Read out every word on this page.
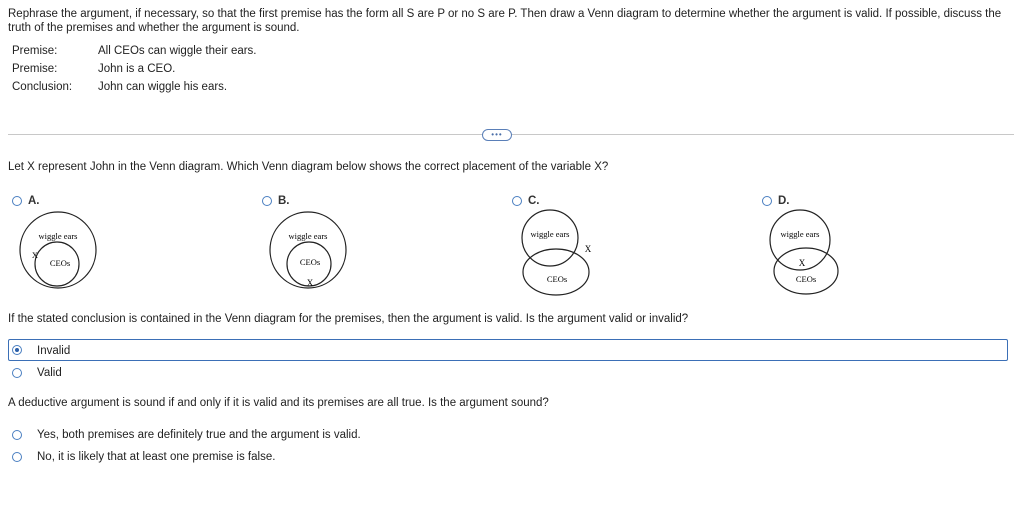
Rephrase the argument, if necessary, so that the first premise has the form all S are P or no S are P. Then draw a Venn diagram to determine whether the argument is valid. If possible, discuss the truth of the premises and whether the argument is sound.
Premise:	All CEOs can wiggle their ears.
Premise:	John is a CEO.
Conclusion: John can wiggle his ears.
•••
Let X represent John in the Venn diagram. Which Venn diagram below shows the correct placement of the variable X?
A.
wiggle ears
CEOs
X
B.
wiggle ears
CEOs
X
C.
wiggle ears
CEOs
X
D.
wiggle ears
CEOs
X
If the stated conclusion is contained in the Venn diagram for the premises, then the argument is valid. Is the argument valid or invalid?
Invalid
Valid
A deductive argument is sound if and only if it is valid and its premises are all true. Is the argument sound?
Yes, both premises are definitely true and the argument is valid.
No, it is likely that at least one premise is false.
